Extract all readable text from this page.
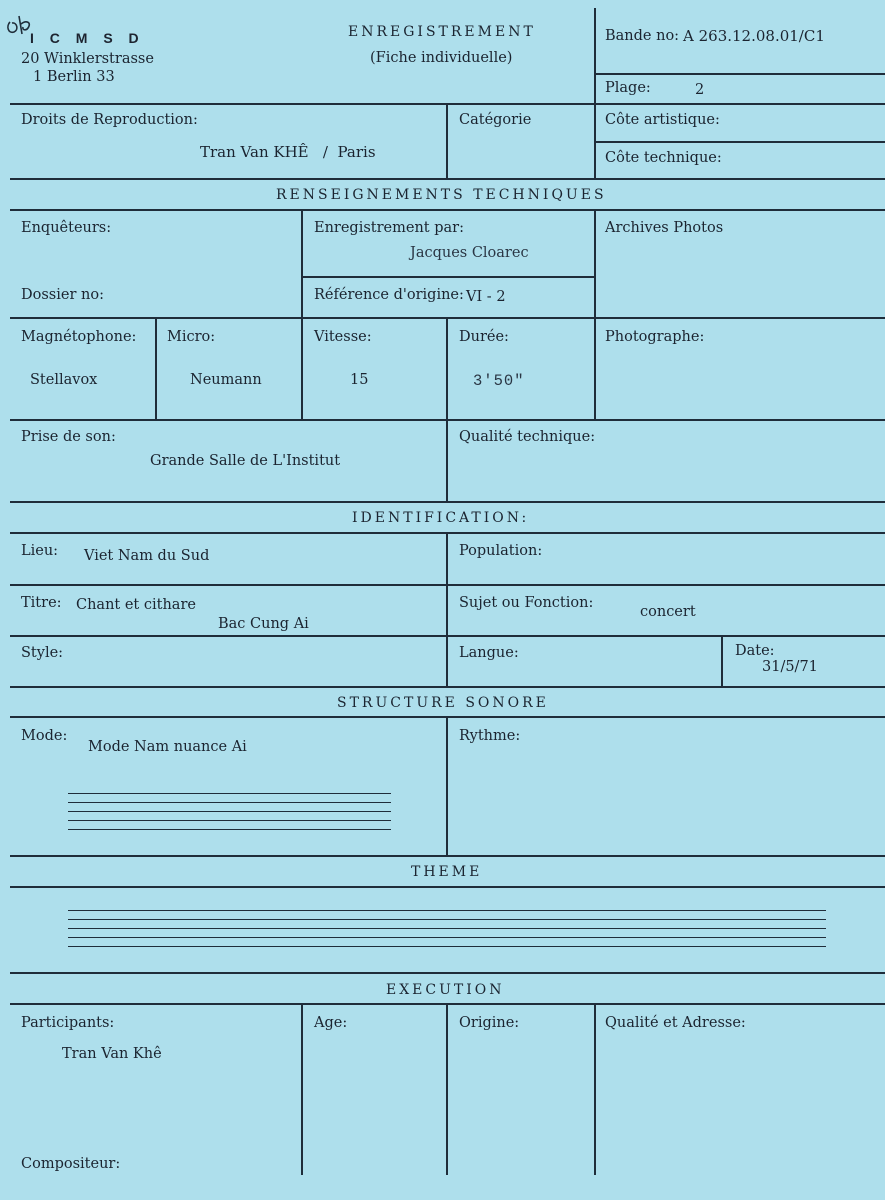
I C M S D
20 Winklerstrasse
1 Berlin 33
ENREGISTREMENT
(Fiche individuelle)
Bande no: A 263.12.08.01/C1
Plage:	2
Droits de Reproduction:
Tran Van KHÊ   /  Paris
Catégorie	Côte artistique:
Côte technique:
RENSEIGNEMENTS TECHNIQUES
Enquêteurs:	Enregistrement par:
Jacques Cloarec
Archives Photos
Dossier no:	Référence d'origine: VI - 2
Magnétophone:
Stellavox
Micro:
Neumann
Vitesse:
15
Durée:
3'50"
Photographe:
Prise de son:
Grande Salle de L'Institut
Qualité technique:
IDENTIFICATION:
Lieu: Viet Nam du Sud	Population:
Titre: Chant et cithare
Bac Cung Ai
Sujet ou Fonction:
concert
Style:	Langue:	Date:
31/5/71
STRUCTURE SONORE
Mode:
Mode Nam nuance Ai
Rythme:
THEME
EXECUTION
Participants:
Tran Van Khê
Age:	Origine:	Qualité et Adresse:
Compositeur:
